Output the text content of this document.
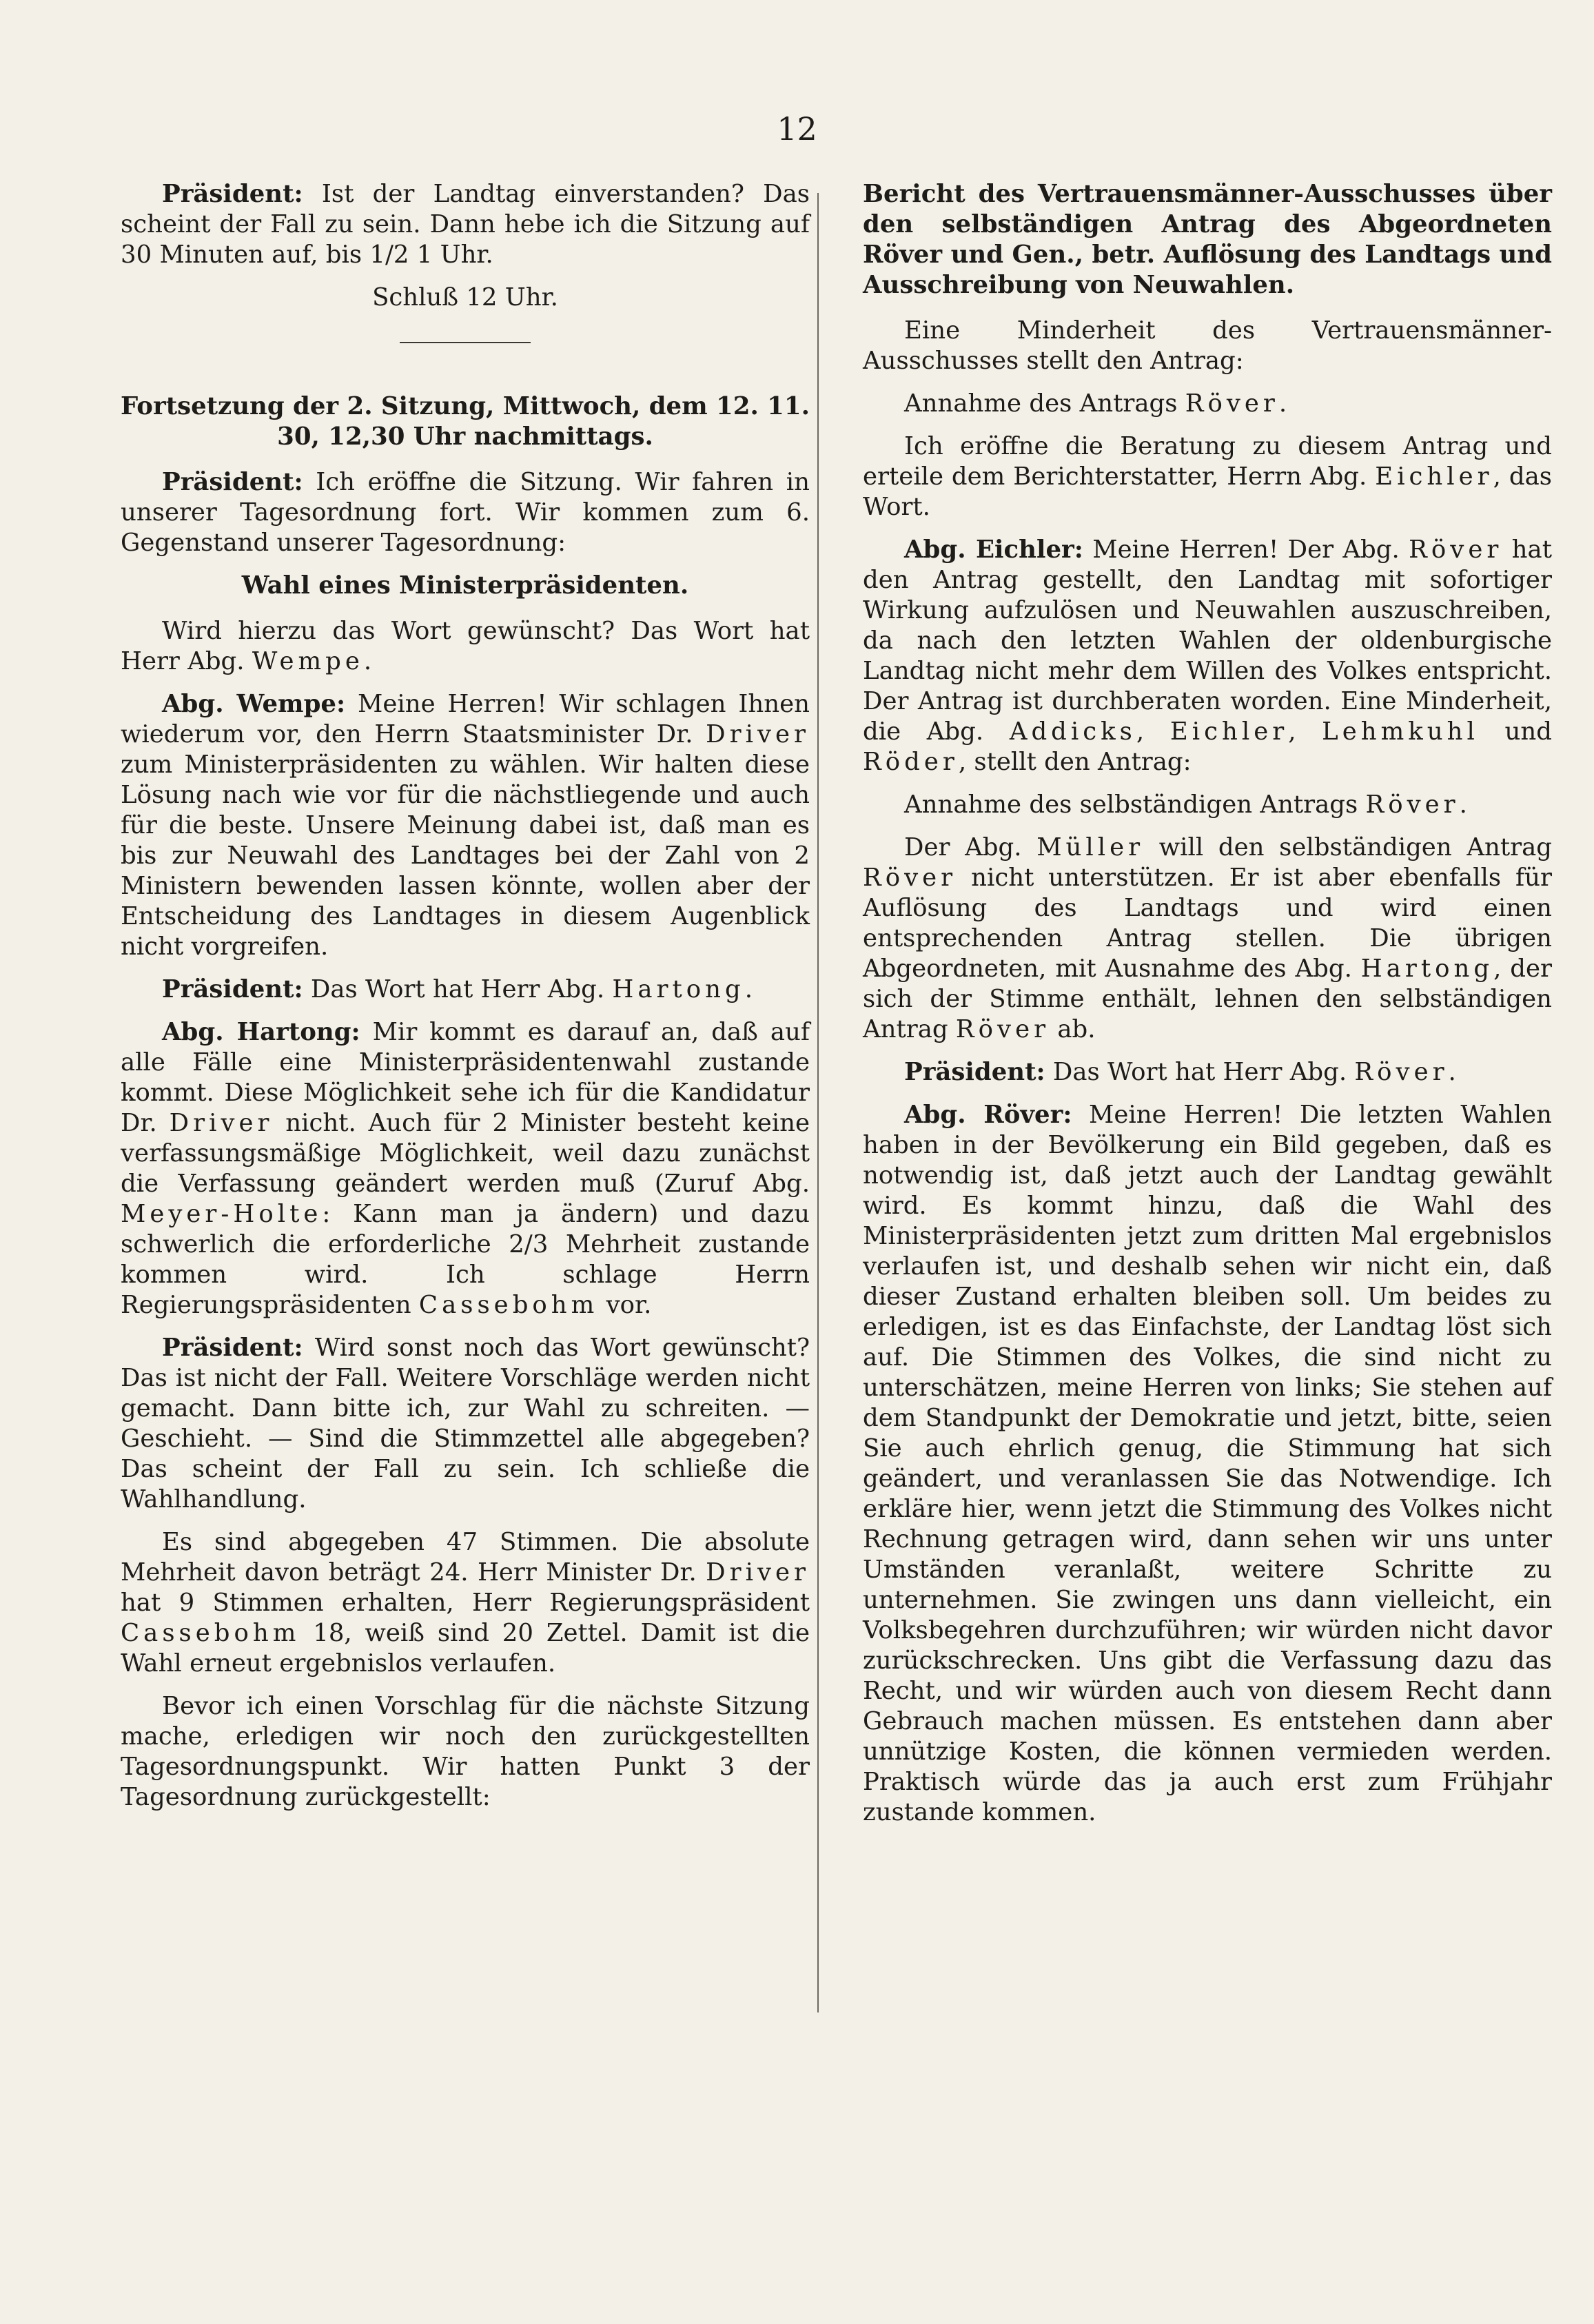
12

Präsident: Ist der Landtag einverstanden? Das scheint der Fall zu sein. Dann hebe ich die Sitzung auf 30 Minuten auf, bis 1/2 1 Uhr.

Schluß 12 Uhr.

Fortsetzung der 2. Sitzung, Mittwoch, dem 12. 11. 30, 12,30 Uhr nachmittags.

Präsident: Ich eröffne die Sitzung. Wir fahren in unserer Tagesordnung fort. Wir kommen zum 6. Gegenstand unserer Tagesordnung:

Wahl eines Ministerpräsidenten.

Wird hierzu das Wort gewünscht? Das Wort hat Herr Abg. Wempe.

Abg. Wempe: Meine Herren! Wir schlagen Ihnen wiederum vor, den Herrn Staatsminister Dr. Driver zum Ministerpräsidenten zu wählen. Wir halten diese Lösung nach wie vor für die nächstliegende und auch für die beste. Unsere Meinung dabei ist, daß man es bis zur Neuwahl des Landtages bei der Zahl von 2 Ministern bewenden lassen könnte, wollen aber der Entscheidung des Landtages in diesem Augenblick nicht vorgreifen.

Präsident: Das Wort hat Herr Abg. Hartong.

Abg. Hartong: Mir kommt es darauf an, daß auf alle Fälle eine Ministerpräsidentenwahl zustande kommt. Diese Möglichkeit sehe ich für die Kandidatur Dr. Driver nicht. Auch für 2 Minister besteht keine verfassungsmäßige Möglichkeit, weil dazu zunächst die Verfassung geändert werden muß (Zuruf Abg. Meyer-Holte: Kann man ja ändern) und dazu schwerlich die erforderliche 2/3 Mehrheit zustande kommen wird. Ich schlage Herrn Regierungspräsidenten Cassebohm vor.

Präsident: Wird sonst noch das Wort gewünscht? Das ist nicht der Fall. Weitere Vorschläge werden nicht gemacht. Dann bitte ich, zur Wahl zu schreiten. — Geschieht. — Sind die Stimmzettel alle abgegeben? Das scheint der Fall zu sein. Ich schließe die Wahlhandlung.

Es sind abgegeben 47 Stimmen. Die absolute Mehrheit davon beträgt 24. Herr Minister Dr. Driver hat 9 Stimmen erhalten, Herr Regierungspräsident Cassebohm 18, weiß sind 20 Zettel. Damit ist die Wahl erneut ergebnislos verlaufen.

Bevor ich einen Vorschlag für die nächste Sitzung mache, erledigen wir noch den zurückgestellten Tagesordnungspunkt. Wir hatten Punkt 3 der Tagesordnung zurückgestellt:

Bericht des Vertrauensmänner-Ausschusses über den selbständigen Antrag des Abgeordneten Röver und Gen., betr. Auflösung des Landtags und Ausschreibung von Neuwahlen.

Eine Minderheit des Vertrauensmänner-Ausschusses stellt den Antrag:

Annahme des Antrags Röver.

Ich eröffne die Beratung zu diesem Antrag und erteile dem Berichterstatter, Herrn Abg. Eichler, das Wort.

Abg. Eichler: Meine Herren! Der Abg. Röver hat den Antrag gestellt, den Landtag mit sofortiger Wirkung aufzulösen und Neuwahlen auszuschreiben, da nach den letzten Wahlen der oldenburgische Landtag nicht mehr dem Willen des Volkes entspricht. Der Antrag ist durchberaten worden. Eine Minderheit, die Abg. Addicks, Eichler, Lehmkuhl und Röder, stellt den Antrag:

Annahme des selbständigen Antrags Röver.

Der Abg. Müller will den selbständigen Antrag Röver nicht unterstützen. Er ist aber ebenfalls für Auflösung des Landtags und wird einen entsprechenden Antrag stellen. Die übrigen Abgeordneten, mit Ausnahme des Abg. Hartong, der sich der Stimme enthält, lehnen den selbständigen Antrag Röver ab.

Präsident: Das Wort hat Herr Abg. Röver.

Abg. Röver: Meine Herren! Die letzten Wahlen haben in der Bevölkerung ein Bild gegeben, daß es notwendig ist, daß jetzt auch der Landtag gewählt wird. Es kommt hinzu, daß die Wahl des Ministerpräsidenten jetzt zum dritten Mal ergebnislos verlaufen ist, und deshalb sehen wir nicht ein, daß dieser Zustand erhalten bleiben soll. Um beides zu erledigen, ist es das Einfachste, der Landtag löst sich auf. Die Stimmen des Volkes, die sind nicht zu unterschätzen, meine Herren von links; Sie stehen auf dem Standpunkt der Demokratie und jetzt, bitte, seien Sie auch ehrlich genug, die Stimmung hat sich geändert, und veranlassen Sie das Notwendige. Ich erkläre hier, wenn jetzt die Stimmung des Volkes nicht Rechnung getragen wird, dann sehen wir uns unter Umständen veranlaßt, weitere Schritte zu unternehmen. Sie zwingen uns dann vielleicht, ein Volksbegehren durchzuführen; wir würden nicht davor zurückschrecken. Uns gibt die Verfassung dazu das Recht, und wir würden auch von diesem Recht dann Gebrauch machen müssen. Es entstehen dann aber unnützige Kosten, die können vermieden werden. Praktisch würde das ja auch erst zum Frühjahr zustande kommen.
